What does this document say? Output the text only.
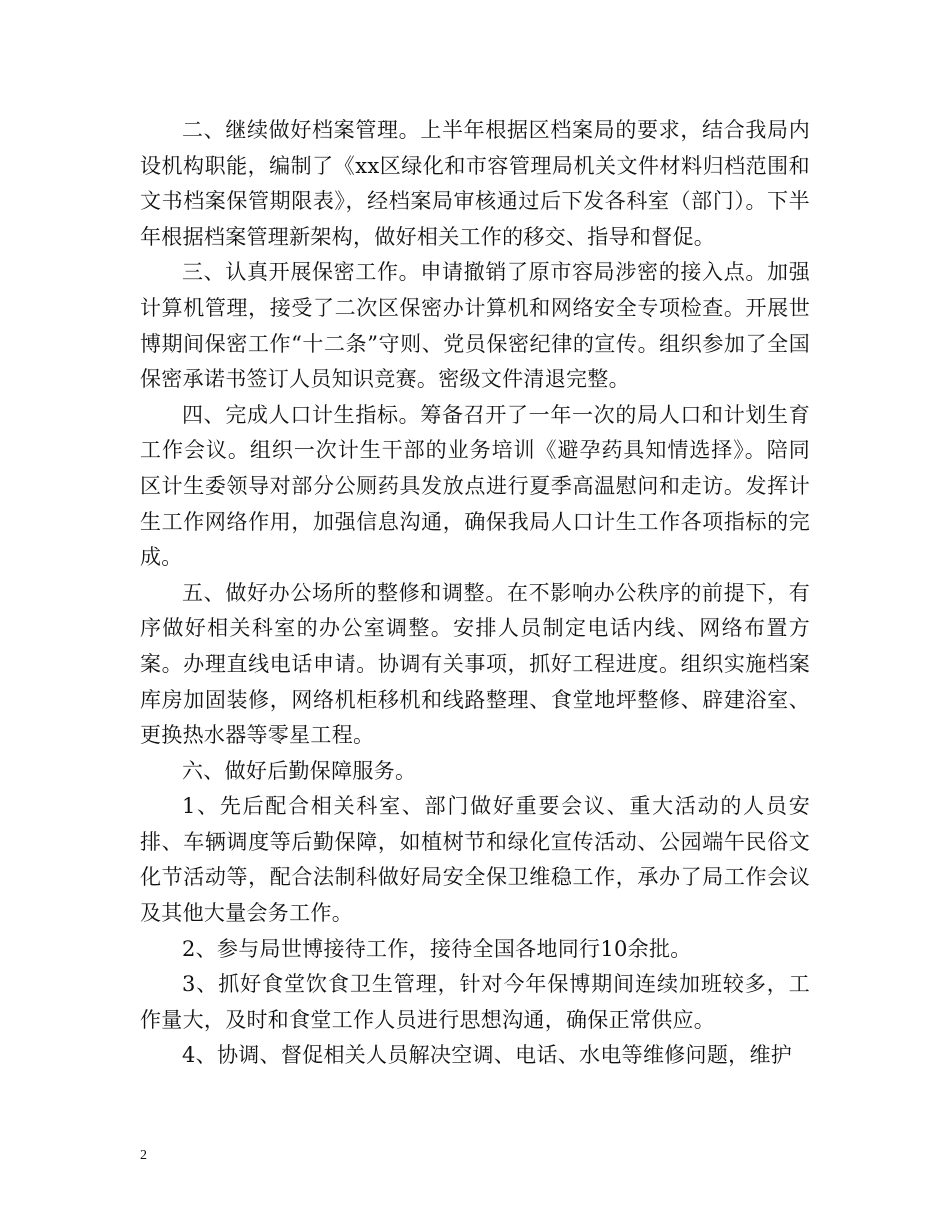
二、继续做好档案管理。上半年根据区档案局的要求，结合我局内设机构职能，编制了《xx区绿化和市容管理局机关文件材料归档范围和文书档案保管期限表》，经档案局审核通过后下发各科室（部门）。下半年根据档案管理新架构，做好相关工作的移交、指导和督促。

三、认真开展保密工作。申请撤销了原市容局涉密的接入点。加强计算机管理，接受了二次区保密办计算机和网络安全专项检查。开展世博期间保密工作“十二条”守则、党员保密纪律的宣传。组织参加了全国保密承诺书签订人员知识竞赛。密级文件清退完整。

四、完成人口计生指标。筹备召开了一年一次的局人口和计划生育工作会议。组织一次计生干部的业务培训《避孕药具知情选择》。陪同区计生委领导对部分公厕药具发放点进行夏季高温慰问和走访。发挥计生工作网络作用，加强信息沟通，确保我局人口计生工作各项指标的完成。

五、做好办公场所的整修和调整。在不影响办公秩序的前提下，有序做好相关科室的办公室调整。安排人员制定电话内线、网络布置方案。办理直线电话申请。协调有关事项，抓好工程进度。组织实施档案库房加固装修，网络机柜移机和线路整理、食堂地坪整修、辟建浴室、更换热水器等零星工程。

六、做好后勤保障服务。

1、先后配合相关科室、部门做好重要会议、重大活动的人员安排、车辆调度等后勤保障，如植树节和绿化宣传活动、公园端午民俗文化节活动等，配合法制科做好局安全保卫维稳工作，承办了局工作会议及其他大量会务工作。

2、参与局世博接待工作，接待全国各地同行10余批。

3、抓好食堂饮食卫生管理，针对今年保博期间连续加班较多，工作量大，及时和食堂工作人员进行思想沟通，确保正常供应。

4、协调、督促相关人员解决空调、电话、水电等维修问题，维护

2
